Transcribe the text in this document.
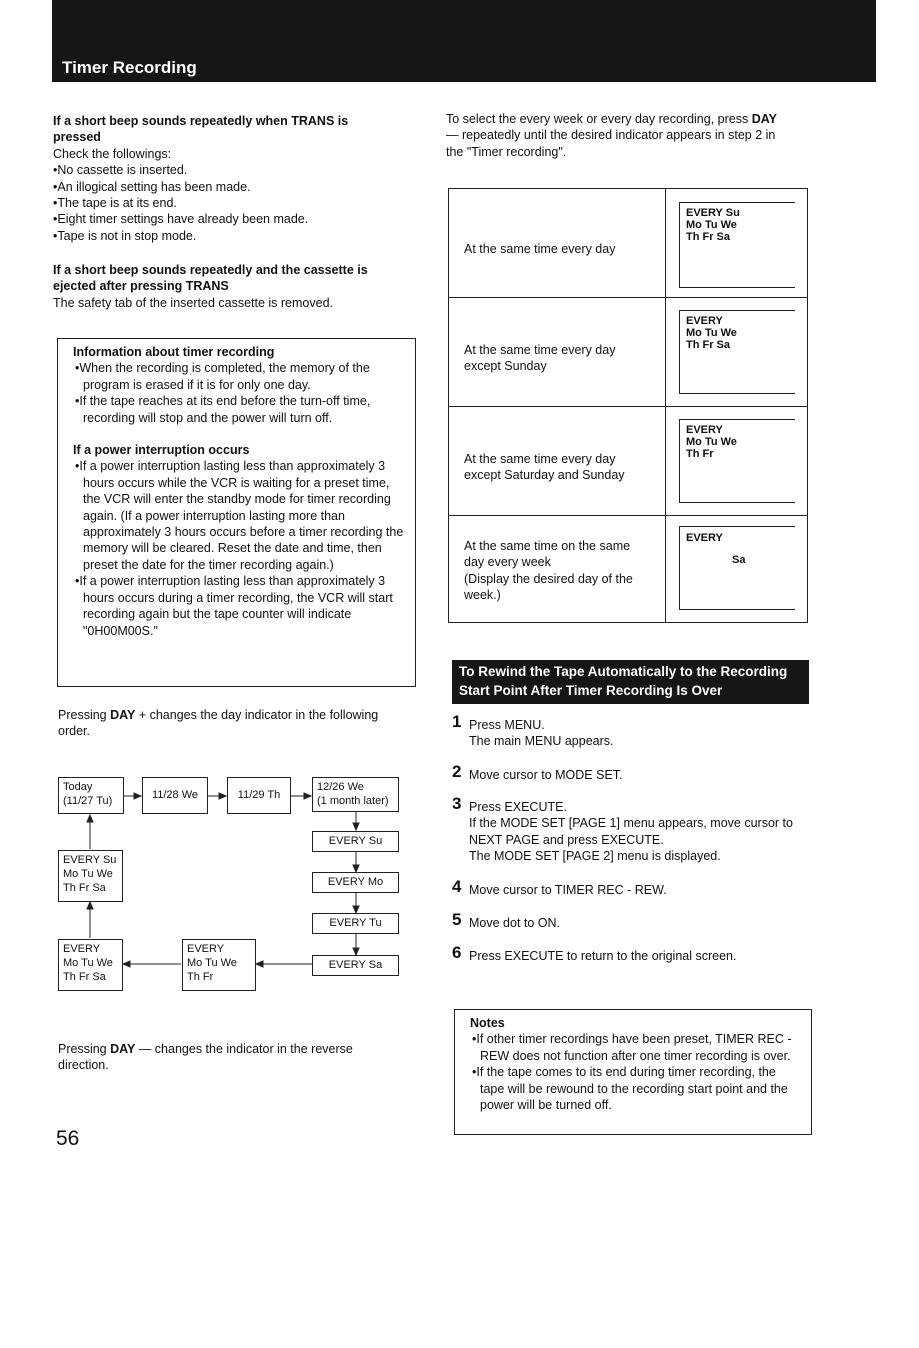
Timer Recording
If a short beep sounds repeatedly when TRANS is pressed
Check the followings:
•No cassette is inserted.
•An illogical setting has been made.
•The tape is at its end.
•Eight timer settings have already been made.
•Tape is not in stop mode.
If a short beep sounds repeatedly and the cassette is ejected after pressing TRANS
The safety tab of the inserted cassette is removed.
Information about timer recording
•When the recording is completed, the memory of the program is erased if it is for only one day.
•If the tape reaches at its end before the turn-off time, recording will stop and the power will turn off.
If a power interruption occurs
•If a power interruption lasting less than approximately 3 hours occurs while the VCR is waiting for a preset time, the VCR will enter the standby mode for timer recording again. (If a power interruption lasting more than approximately 3 hours occurs before a timer recording the memory will be cleared. Reset the date and time, then preset the date for the timer recording again.)
•If a power interruption lasting less than approximately 3 hours occurs during a timer recording, the VCR will start recording again but the tape counter will indicate "0H00M00S."
Pressing DAY + changes the day indicator in the following order.
Today
(11/27 Tu)	11/28 We	11/29 Th
12/26 We
(1 month later)
EVERY Su
EVERY Mo
EVERY Tu
EVERY Sa
EVERY Su
Mo Tu We
Th Fr Sa
EVERY
Mo Tu We
Th Fr Sa
EVERY
Mo Tu We
Th Fr
Pressing DAY — changes the indicator in the reverse direction.
56
To select the every week or every day recording, press DAY — repeatedly until the desired indicator appears in step 2 in the "Timer recording".
At the same time every day
EVERY Su
Mo Tu We
Th Fr Sa
At the same time every day
except Sunday
EVERY
Mo Tu We
Th Fr Sa
At the same time every day
except Saturday and Sunday
EVERY
Mo Tu We
Th Fr
At the same time on the same
day every week
(Display the desired day of the
week.)
EVERY
Sa
To Rewind the Tape Automatically to the Recording
Start Point After Timer Recording Is Over
1 Press MENU.
The main MENU appears.
2 Move cursor to MODE SET.
3 Press EXECUTE.
If the MODE SET [PAGE 1] menu appears, move cursor to NEXT PAGE and press EXECUTE.
The MODE SET [PAGE 2] menu is displayed.
4 Move cursor to TIMER REC - REW.
5 Move dot to ON.
6 Press EXECUTE to return to the original screen.
Notes
•If other timer recordings have been preset, TIMER REC - REW does not function after one timer recording is over.
•If the tape comes to its end during timer recording, the tape will be rewound to the recording start point and the power will be turned off.
